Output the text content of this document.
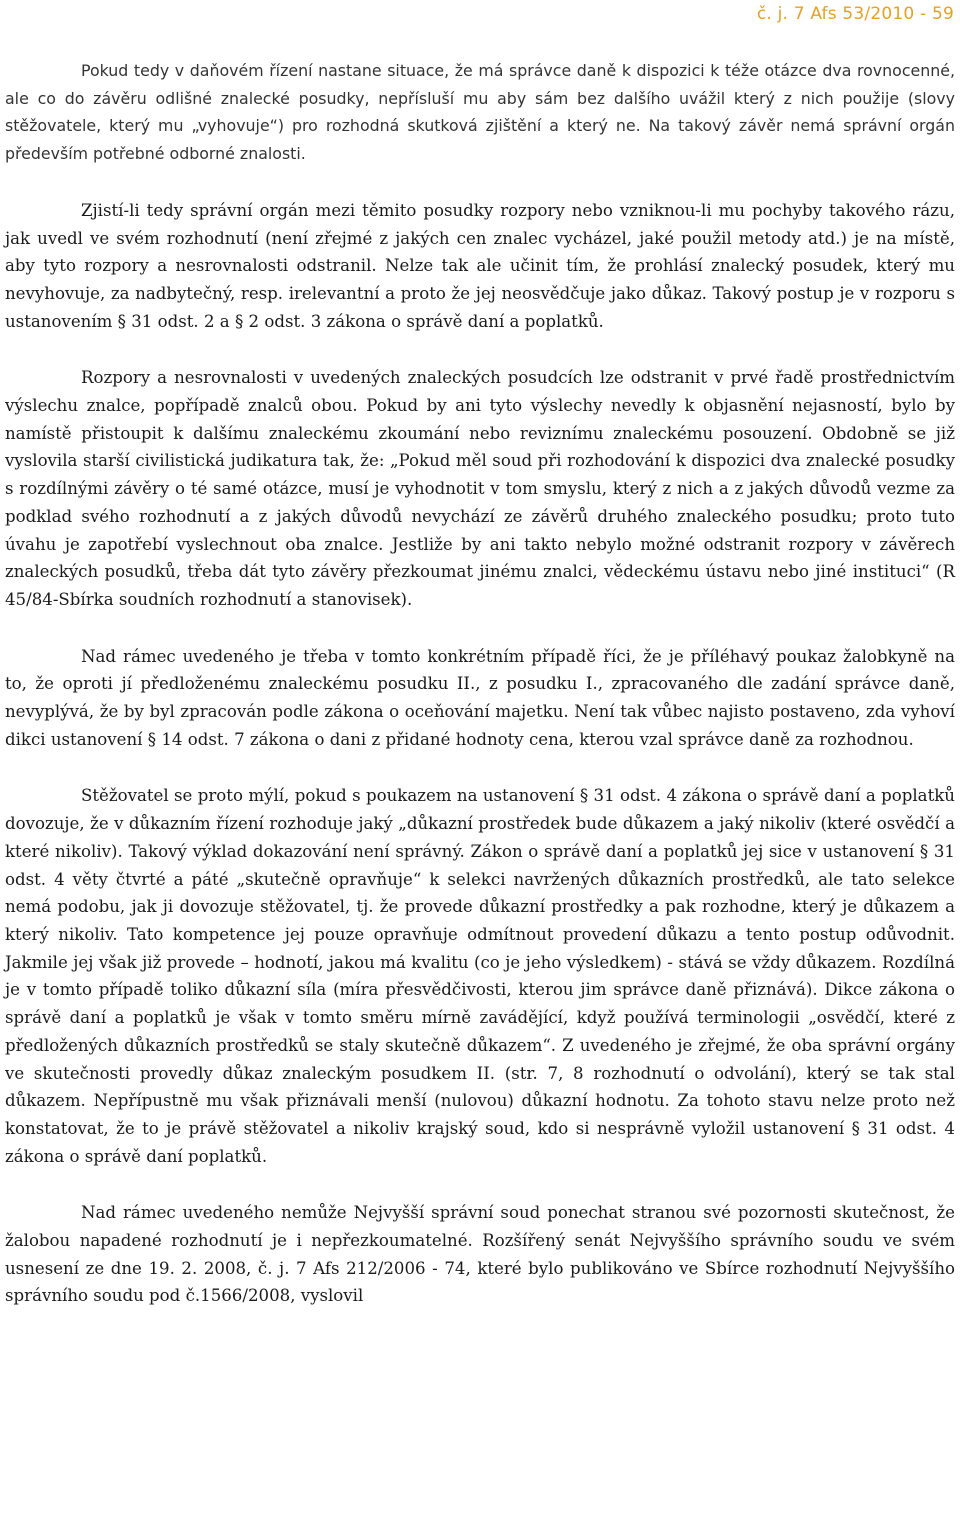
č. j. 7 Afs 53/2010 - 59

Pokud tedy v daňovém řízení nastane situace, že má správce daně k dispozici k téže otázce dva rovnocenné, ale co do závěru odlišné znalecké posudky, nepřísluší mu aby sám bez dalšího uvážil který z nich použije (slovy stěžovatele, který mu „vyhovuje“) pro rozhodná skutková zjištění a který ne. Na takový závěr nemá správní orgán především potřebné odborné znalosti.

Zjistí-li tedy správní orgán mezi těmito posudky rozpory nebo vzniknou-li mu pochyby takového rázu, jak uvedl ve svém rozhodnutí (není zřejmé z jakých cen znalec vycházel, jaké použil metody atd.) je na místě, aby tyto rozpory a nesrovnalosti odstranil. Nelze tak ale učinit tím, že prohlásí znalecký posudek, který mu nevyhovuje, za nadbytečný, resp. irelevantní a proto že jej neosvědčuje jako důkaz. Takový postup je v rozporu s ustanovením § 31 odst. 2 a § 2 odst. 3 zákona o správě daní a poplatků.

Rozpory a nesrovnalosti v uvedených znaleckých posudcích lze odstranit v prvé řadě prostřednictvím výslechu znalce, popřípadě znalců obou. Pokud by ani tyto výslechy nevedly k objasnění nejasností, bylo by namístě přistoupit k dalšímu znaleckému zkoumání nebo reviznímu znaleckému posouzení. Obdobně se již vyslovila starší civilistická judikatura tak, že: „Pokud měl soud při rozhodování k dispozici dva znalecké posudky s rozdílnými závěry o té samé otázce, musí je vyhodnotit v tom smyslu, který z nich a z jakých důvodů vezme za podklad svého rozhodnutí a z jakých důvodů nevychází ze závěrů druhého znaleckého posudku; proto tuto úvahu je zapotřebí vyslechnout oba znalce. Jestliže by ani takto nebylo možné odstranit rozpory v závěrech znaleckých posudků, třeba dát tyto závěry přezkoumat jinému znalci, vědeckému ústavu nebo jiné instituci“ (R 45/84-Sbírka soudních rozhodnutí a stanovisek).

Nad rámec uvedeného je třeba v tomto konkrétním případě říci, že je příléhavý poukaz žalobkyně na to, že oproti jí předloženému znaleckému posudku II., z posudku I., zpracovaného dle zadání správce daně, nevyplývá, že by byl zpracován podle zákona o oceňování majetku. Není tak vůbec najisto postaveno, zda vyhoví dikci ustanovení § 14 odst. 7 zákona o dani z přidané hodnoty cena, kterou vzal správce daně za rozhodnou.

Stěžovatel se proto mýlí, pokud s poukazem na ustanovení § 31 odst. 4 zákona o správě daní a poplatků dovozuje, že v důkazním řízení rozhoduje jaký „důkazní prostředek bude důkazem a jaký nikoliv (které osvědčí a které nikoliv). Takový výklad dokazování není správný. Zákon o správě daní a poplatků jej sice v ustanovení § 31 odst. 4 věty čtvrté a páté „skutečně opravňuje“ k selekci navržených důkazních prostředků, ale tato selekce nemá podobu, jak ji dovozuje stěžovatel, tj. že provede důkazní prostředky a pak rozhodne, který je důkazem a který nikoliv. Tato kompetence jej pouze opravňuje odmítnout provedení důkazu a tento postup odůvodnit. Jakmile jej však již provede – hodnotí, jakou má kvalitu (co je jeho výsledkem) - stává se vždy důkazem. Rozdílná je v tomto případě toliko důkazní síla (míra přesvědčivosti, kterou jim správce daně přiznává). Dikce zákona o správě daní a poplatků je však v tomto směru mírně zavádějící, když používá terminologii „osvědčí, které z předložených důkazních prostředků se staly skutečně důkazem“. Z uvedeného je zřejmé, že oba správní orgány ve skutečnosti provedly důkaz znaleckým posudkem II. (str. 7, 8 rozhodnutí o odvolání), který se tak stal důkazem. Nepřípustně mu však přiznávali menší (nulovou) důkazní hodnotu. Za tohoto stavu nelze proto než konstatovat, že to je právě stěžovatel a nikoliv krajský soud, kdo si nesprávně vyložil ustanovení § 31 odst. 4 zákona o správě daní poplatků.

Nad rámec uvedeného nemůže Nejvyšší správní soud ponechat stranou své pozornosti skutečnost, že žalobou napadené rozhodnutí je i nepřezkoumatelné. Rozšířený senát Nejvyššího správního soudu ve svém usnesení ze dne 19. 2. 2008, č. j. 7 Afs 212/2006 - 74, které bylo publikováno ve Sbírce rozhodnutí Nejvyššího správního soudu pod č.1566/2008, vyslovil
